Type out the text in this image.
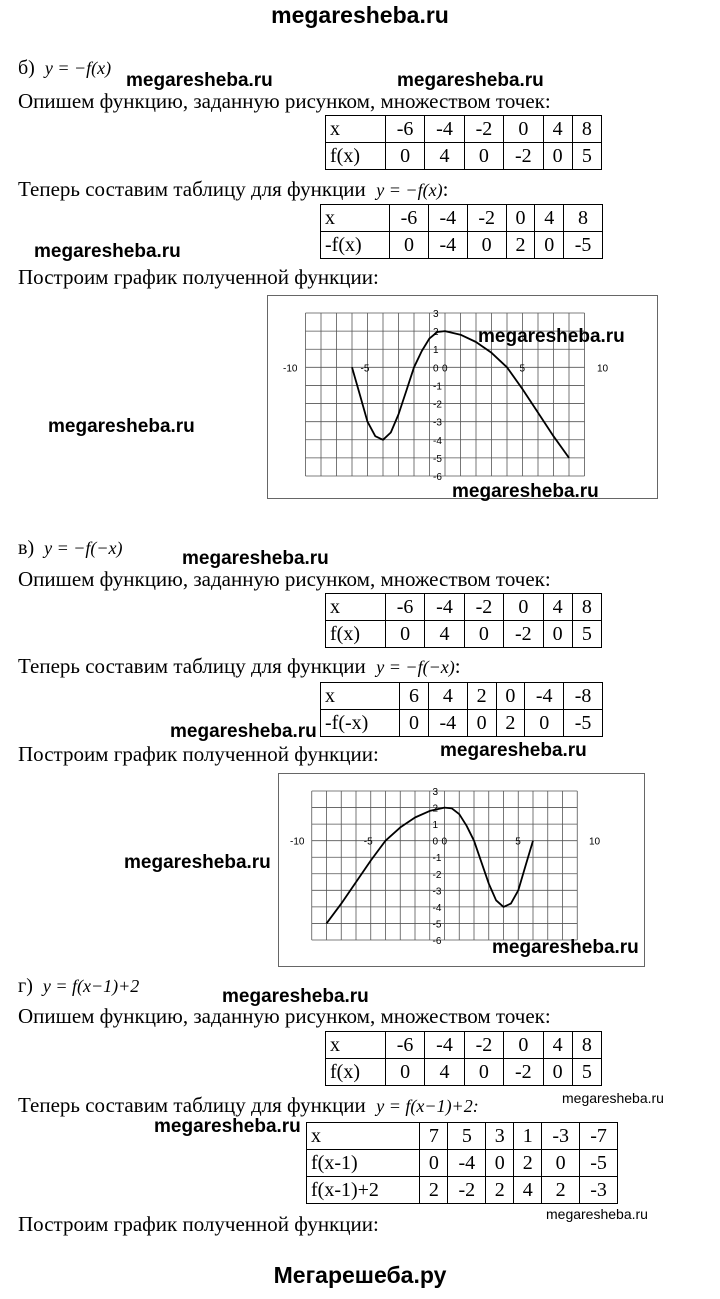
megaresheba.ru
Мегарешеба.ру
б) y = −f(x)
Опишем функцию, заданную рисунком, множеством точек:
x	-6	-4	-2	0	4	8
f(x)	0	4	0	-2	0	5
Теперь составим таблицу для функции y = −f(x):
x	-6	-4	-2	0	4	8
-f(x)	0	-4	0	2	0	-5
Построим график полученной функции:
-10	-5	0	5	10
3
2
1
0
-1
-2
-3
-4
-5
-6
в) y = −f(−x)
Опишем функцию, заданную рисунком, множеством точек:
x	-6	-4	-2	0	4	8
f(x)	0	4	0	-2	0	5
Теперь составим таблицу для функции y = −f(−x):
x	6	4	2	0	-4	-8
-f(-x)	0	-4	0	2	0	-5
Построим график полученной функции:
-10	-5	0	5	10
3
2
1
0
-1
-2
-3
-4
-5
-6
г) y = f(x−1)+2
Опишем функцию, заданную рисунком, множеством точек:
x	-6	-4	-2	0	4	8
f(x)	0	4	0	-2	0	5
Теперь составим таблицу для функции y = f(x−1)+2:
x	7	5	3	1	-3	-7
f(x-1)	0	-4	0	2	0	-5
f(x-1)+2	2	-2	2	4	2	-3
Построим график полученной функции:
megaresheba.ru	megaresheba.ru
megaresheba.ru
megaresheba.ru
megaresheba.ru
megaresheba.ru
megaresheba.ru
megaresheba.ru
megaresheba.ru
megaresheba.ru
megaresheba.ru
megaresheba.ru
megaresheba.ru
megaresheba.ru
megaresheba.ru
